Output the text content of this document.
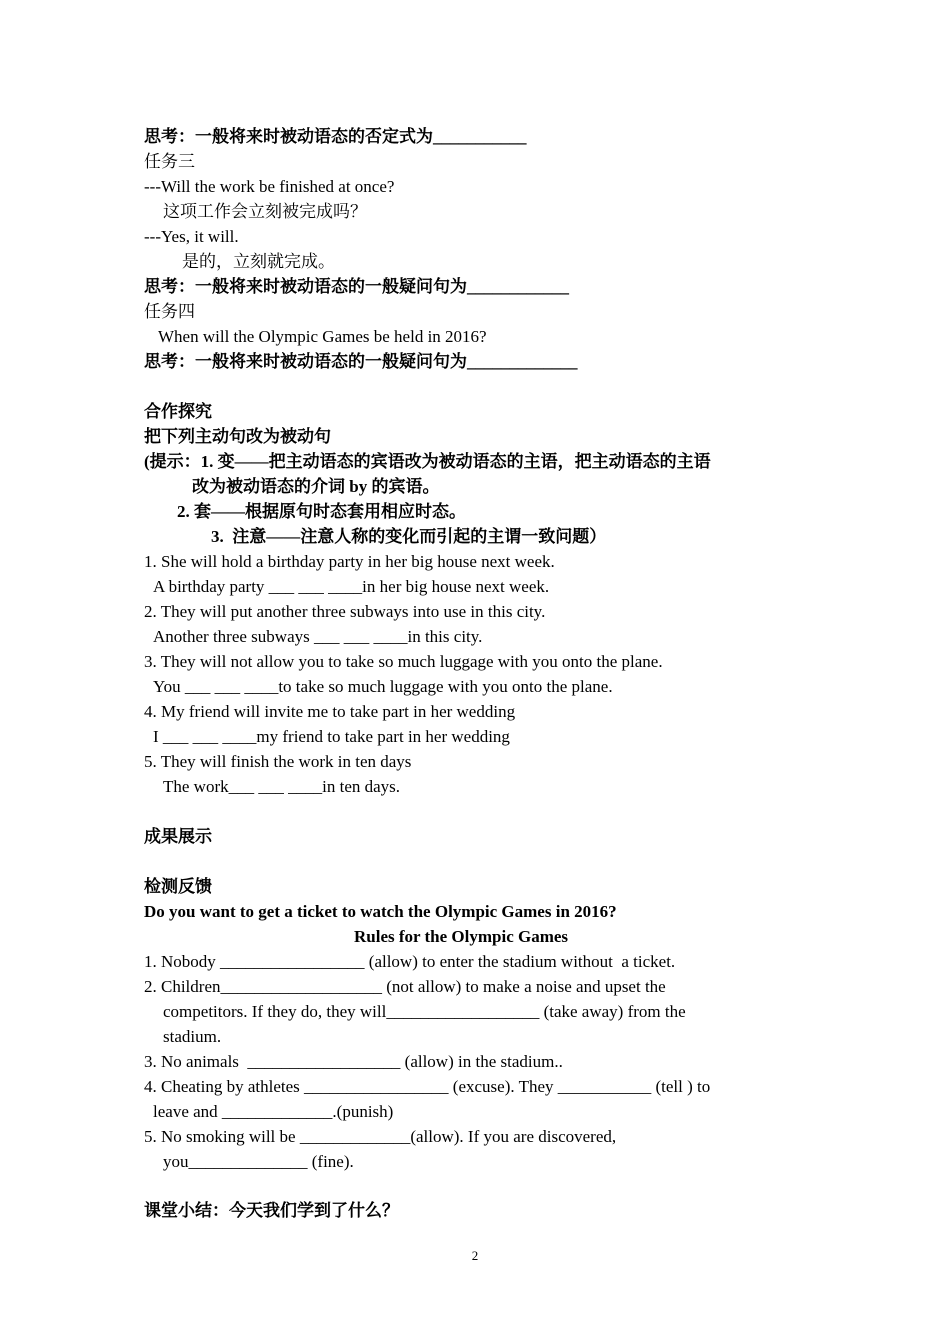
思考：一般将来时被动语态的否定式为___________
任务三
---Will the work be finished at once?
这项工作会立刻被完成吗？
---Yes, it will.
是的，立刻就完成。
思考：一般将来时被动语态的一般疑问句为____________
任务四
When will the Olympic Games be held in 2016?
思考：一般将来时被动语态的一般疑问句为_____________
合作探究
把下列主动句改为被动句
(提示：1. 变——把主动语态的宾语改为被动语态的主语，把主动语态的主语
改为被动语态的介词 by 的宾语。
2. 套——根据原句时态套用相应时态。
3.  注意——注意人称的变化而引起的主谓一致问题）
1. She will hold a birthday party in her big house next week.
A birthday party ___ ___ ____in her big house next week.
2. They will put another three subways into use in this city.
Another three subways ___ ___ ____in this city.
3. They will not allow you to take so much luggage with you onto the plane.
You ___ ___ ____to take so much luggage with you onto the plane.
4. My friend will invite me to take part in her wedding
I ___ ___ ____my friend to take part in her wedding
5. They will finish the work in ten days
The work___ ___ ____in ten days.
成果展示
检测反馈
Do you want to get a ticket to watch the Olympic Games in 2016?
Rules for the Olympic Games
1. Nobody _________________ (allow) to enter the stadium without  a ticket.
2. Children___________________ (not allow) to make a noise and upset the
competitors. If they do, they will__________________ (take away) from the
stadium.
3. No animals  __________________ (allow) in the stadium..
4. Cheating by athletes _________________ (excuse). They ___________ (tell ) to
leave and _____________.(punish)
5. No smoking will be _____________(allow). If you are discovered,
you______________ (fine).
课堂小结：今天我们学到了什么？
2
